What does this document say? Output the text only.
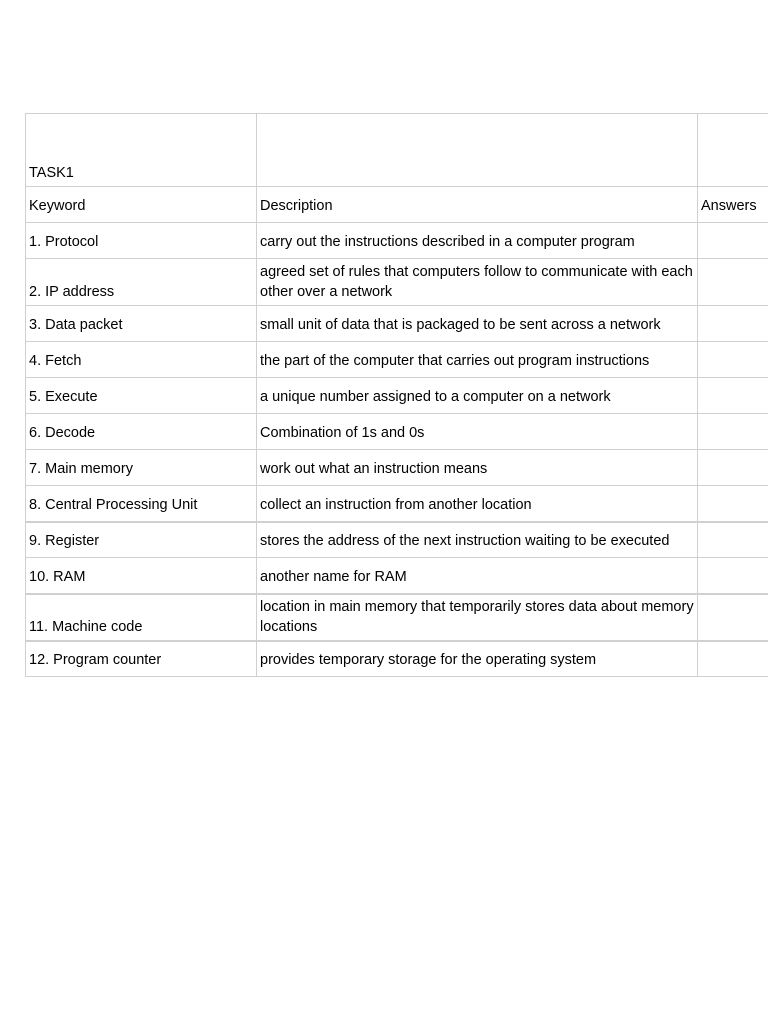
TASK1		
Keyword	Description	Answers
1. Protocol	carry out the instructions described in a computer program	
2. IP address	agreed set of rules that computers follow to communicate with each other over a network	
3. Data packet	small unit of data that is packaged to be sent across a network	
4. Fetch	the part of the computer that carries out program instructions	
5. Execute	a unique number assigned to a computer on a network	
6. Decode	Combination of 1s and 0s	
7. Main memory	work out what an instruction means	
8. Central Processing Unit	collect an instruction from another location	
9. Register	stores the address of the next instruction waiting to be executed	
10. RAM	another name for RAM	
11. Machine code	location in main memory that temporarily stores data about memory locations	
12. Program counter	provides temporary storage for the operating system	
